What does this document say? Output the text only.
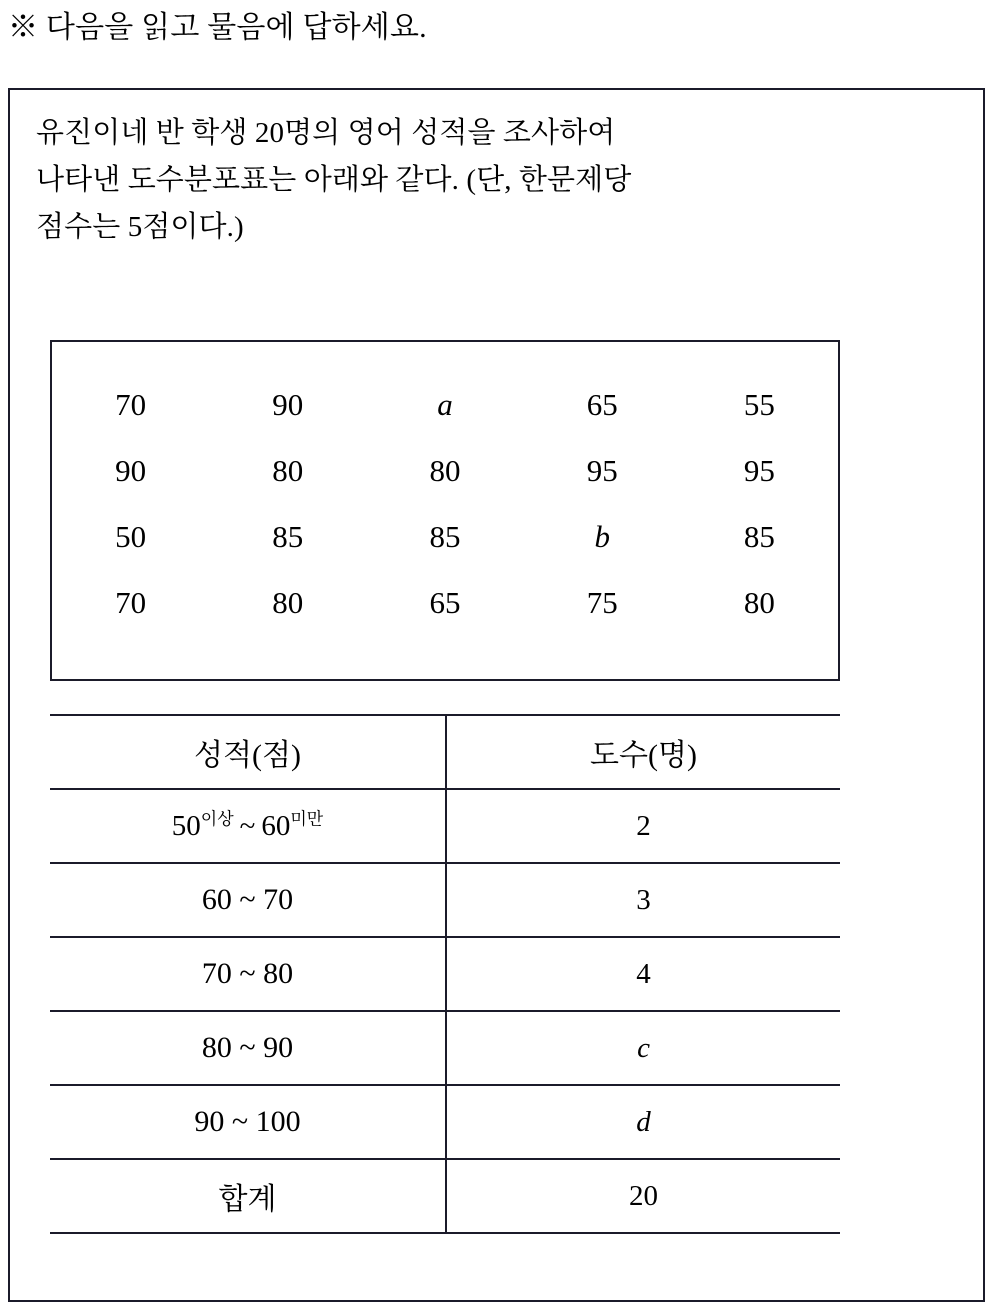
※ 다음을 읽고 물음에 답하세요.
유진이네 반 학생 20명의 영어 성적을 조사하여
나타낸 도수분포표는 아래와 같다. (단, 한문제당
점수는 5점이다.)
70	90	a	65	55
90	80	80	95	95
50	85	85	b	85
70	80	65	75	80
성적(점)	도수(명)
$50^{이상}$ ~ $60^{미만}$	2
60 ~ 70	3
70 ~ 80	4
80 ~ 90	c
90 ~ 100	d
합계	20
